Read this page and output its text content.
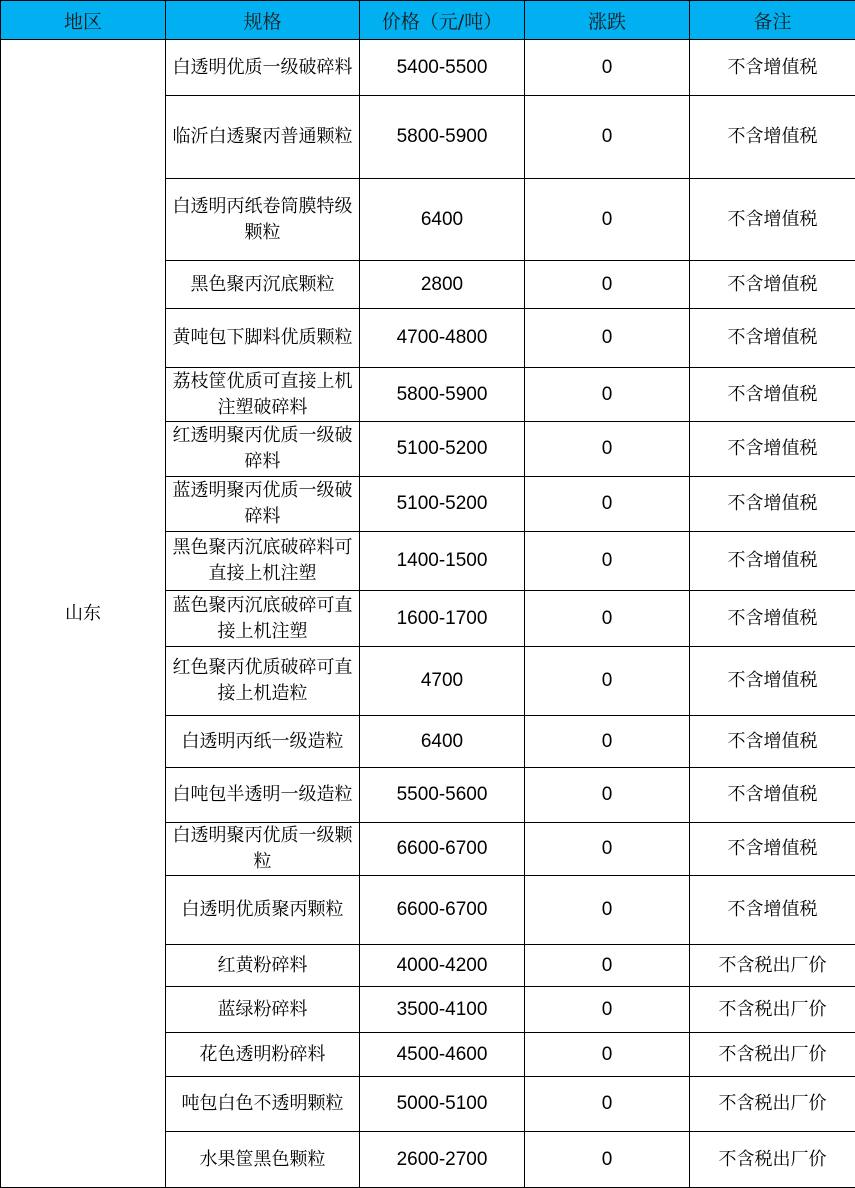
地区	规格	价格（元/吨）	涨跌	备注
山东	白透明优质一级破碎料	5400-5500	0	不含增值税
	临沂白透聚丙普通颗粒	5800-5900	0	不含增值税
	白透明丙纸卷筒膜特级颗粒	6400	0	不含增值税
	黑色聚丙沉底颗粒	2800	0	不含增值税
	黄吨包下脚料优质颗粒	4700-4800	0	不含增值税
	荔枝筐优质可直接上机注塑破碎料	5800-5900	0	不含增值税
	红透明聚丙优质一级破碎料	5100-5200	0	不含增值税
	蓝透明聚丙优质一级破碎料	5100-5200	0	不含增值税
	黑色聚丙沉底破碎料可直接上机注塑	1400-1500	0	不含增值税
	蓝色聚丙沉底破碎可直接上机注塑	1600-1700	0	不含增值税
	红色聚丙优质破碎可直接上机造粒	4700	0	不含增值税
	白透明丙纸一级造粒	6400	0	不含增值税
	白吨包半透明一级造粒	5500-5600	0	不含增值税
	白透明聚丙优质一级颗粒	6600-6700	0	不含增值税
	白透明优质聚丙颗粒	6600-6700	0	不含增值税
	红黄粉碎料	4000-4200	0	不含税出厂价
	蓝绿粉碎料	3500-4100	0	不含税出厂价
	花色透明粉碎料	4500-4600	0	不含税出厂价
	吨包白色不透明颗粒	5000-5100	0	不含税出厂价
	水果筐黑色颗粒	2600-2700	0	不含税出厂价
